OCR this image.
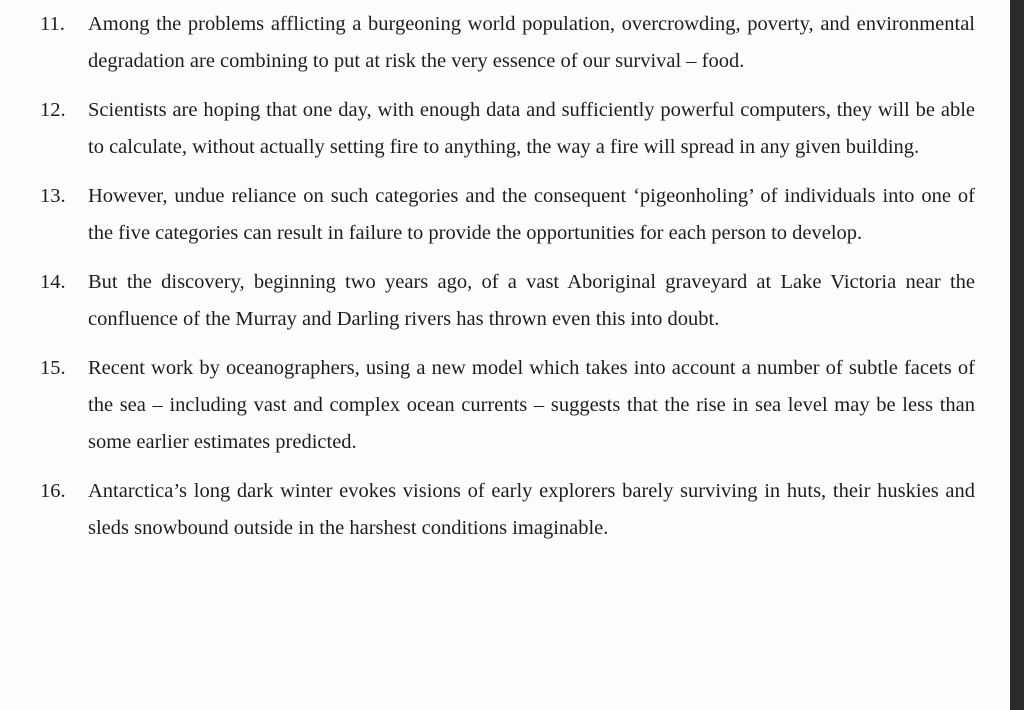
11.	Among the problems afflicting a burgeoning world population, overcrowding, poverty, and environmental degradation are combining to put at risk the very essence of our survival – food.
12.	Scientists are hoping that one day, with enough data and sufficiently powerful computers, they will be able to calculate, without actually setting fire to anything, the way a fire will spread in any given building.
13.	However, undue reliance on such categories and the consequent ‘pigeonholing’ of individuals into one of the five categories can result in failure to provide the opportunities for each person to develop.
14.	But the discovery, beginning two years ago, of a vast Aboriginal graveyard at Lake Victoria near the confluence of the Murray and Darling rivers has thrown even this into doubt.
15.	Recent work by oceanographers, using a new model which takes into account a number of subtle facets of the sea – including vast and complex ocean currents – suggests that the rise in sea level may be less than some earlier estimates predicted.
16.	Antarctica’s long dark winter evokes visions of early explorers barely surviving in huts, their huskies and sleds snowbound outside in the harshest conditions imaginable.
